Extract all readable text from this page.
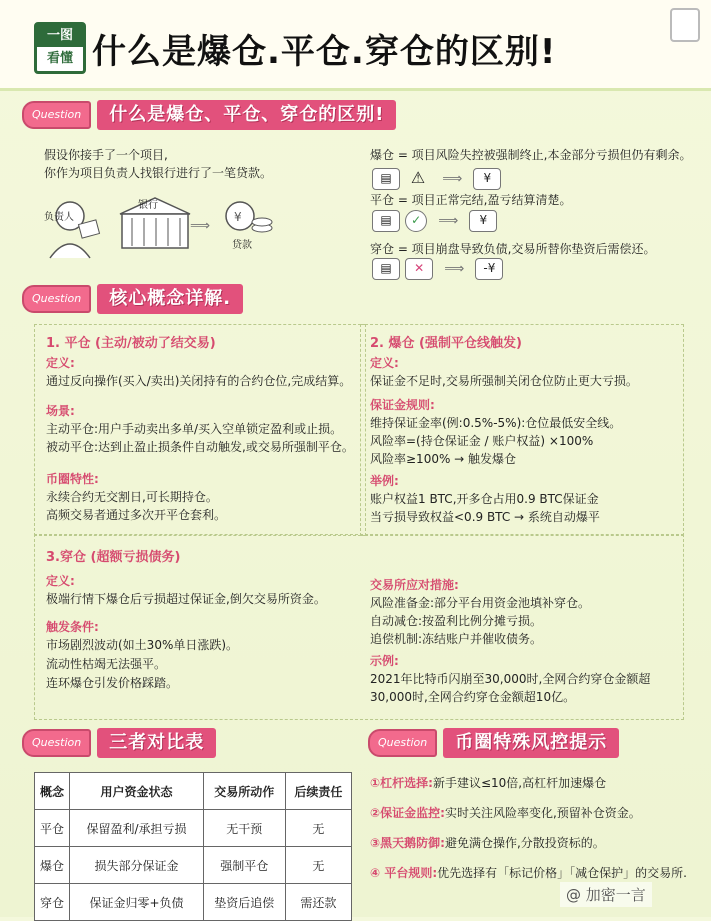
一图
看懂 什么是爆仓.平仓.穿仓的区别!
Question	什么是爆仓、平仓、穿仓的区别!
假设你接手了一个项目,
你作为项目负责人找银行进行了一笔贷款。
⟹
¥
负责人
银行
贷款
爆仓 = 项目风险失控被强制终止,本金部分亏损但仍有剩余。
▤ ⚠ ⟹ ¥
平仓 = 项目正常完结,盈亏结算清楚。
▤ ✓ ⟹ ¥
穿仓 = 项目崩盘导致负债,交易所替你垫资后需偿还。
▤ ✕ ⟹ -¥
Question	核心概念详解.
1. 平仓 (主动/被动了结交易)
定义:
通过反向操作(买入/卖出)关闭持有的合约仓位,完成结算。
场景:
主动平仓:用户手动卖出多单/买入空单锁定盈利或止损。
被动平仓:达到止盈止损条件自动触发,或交易所强制平仓。
币圈特性:
永续合约无交割日,可长期持仓。
高频交易者通过多次开平仓套利。
2. 爆仓 (强制平仓线触发)
定义:
保证金不足时,交易所强制关闭仓位防止更大亏损。
保证金规则:
维持保证金率(例:0.5%-5%):仓位最低安全线。
风险率=(持仓保证金 / 账户权益) ×100%
风险率≥100% → 触发爆仓
举例:
账户权益1 BTC,开多仓占用0.9 BTC保证金
当亏损导致权益<0.9 BTC → 系统自动爆平
3.穿仓 (超额亏损债务)
定义:
极端行情下爆仓后亏损超过保证金,倒欠交易所资金。
触发条件:
市场剧烈波动(如土30%单日涨跌)。
流动性枯竭无法强平。
连环爆仓引发价格踩踏。
交易所应对措施:
风险准备金:部分平台用资金池填补穿仓。
自动减仓:按盈利比例分摊亏损。
追偿机制:冻结账户并催收债务。
示例:
2021年比特币闪崩至30,000时,全网合约穿仓金额超
30,000时,全网合约穿仓金额超10亿。
Question	三者对比表
概念	用户资金状态	交易所动作	后续责任
平仓	保留盈利/承担亏损	无干预	无
爆仓	损失部分保证金	强制平仓	无
穿仓	保证金归零+负债	垫资后追偿	需还款
Question	币圈特殊风控提示
①杠杆选择:新手建议≤10倍,高杠杆加速爆仓
②保证金监控:实时关注风险率变化,预留补仓资金。
③黑天鹅防御:避免满仓操作,分散投资标的。
④ 平台规则:优先选择有「标记价格」「减仓保护」的交易所.
@ 加密一言
